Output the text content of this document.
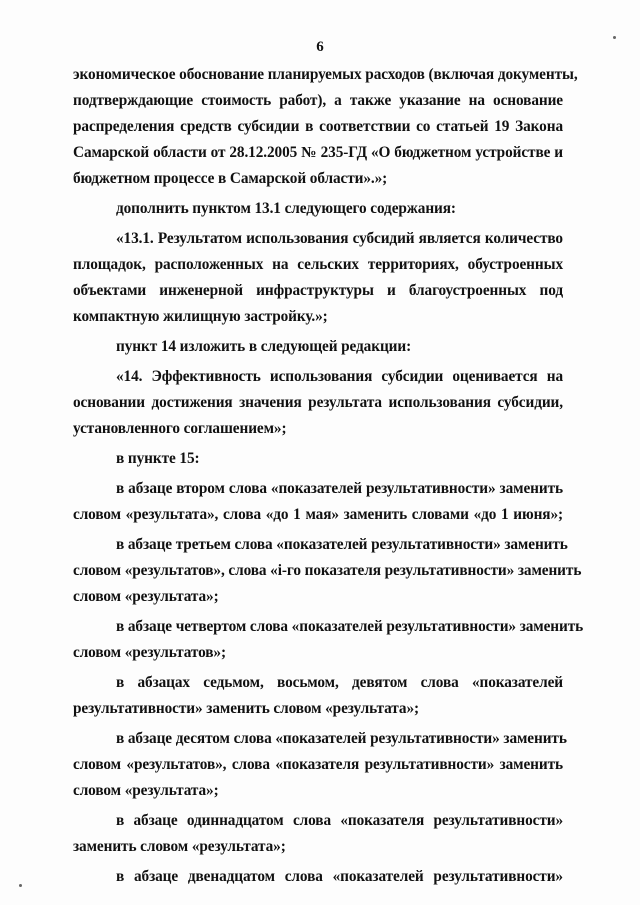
6
экономическое обоснование планируемых расходов (включая документы,
подтверждающие стоимость работ), а также указание на основание
распределения средств субсидии в соответствии со статьей 19 Закона
Самарской области от 28.12.2005 № 235-ГД «О бюджетном устройстве и
бюджетном процессе в Самарской области».»;
дополнить пунктом 13.1 следующего содержания:
«13.1. Результатом использования субсидий является количество
площадок, расположенных на сельских территориях, обустроенных
объектами инженерной инфраструктуры и благоустроенных под
компактную жилищную застройку.»;
пункт 14 изложить в следующей редакции:
«14. Эффективность использования субсидии оценивается на
основании достижения значения результата использования субсидии,
установленного соглашением»;
в пункте 15:
в абзаце втором слова «показателей результативности» заменить
словом «результата», слова «до 1 мая» заменить словами «до 1 июня»;
в абзаце третьем слова «показателей результативности» заменить
словом «результатов», слова «i-го показателя результативности» заменить
словом «результата»;
в абзаце четвертом слова «показателей результативности» заменить
словом «результатов»;
в абзацах седьмом, восьмом, девятом слова «показателей
результативности» заменить словом «результата»;
в абзаце десятом слова «показателей результативности» заменить
словом «результатов», слова «показателя результативности» заменить
словом «результата»;
в абзаце одиннадцатом слова «показателя результативности»
заменить словом «результата»;
в абзаце двенадцатом слова «показателей результативности»
